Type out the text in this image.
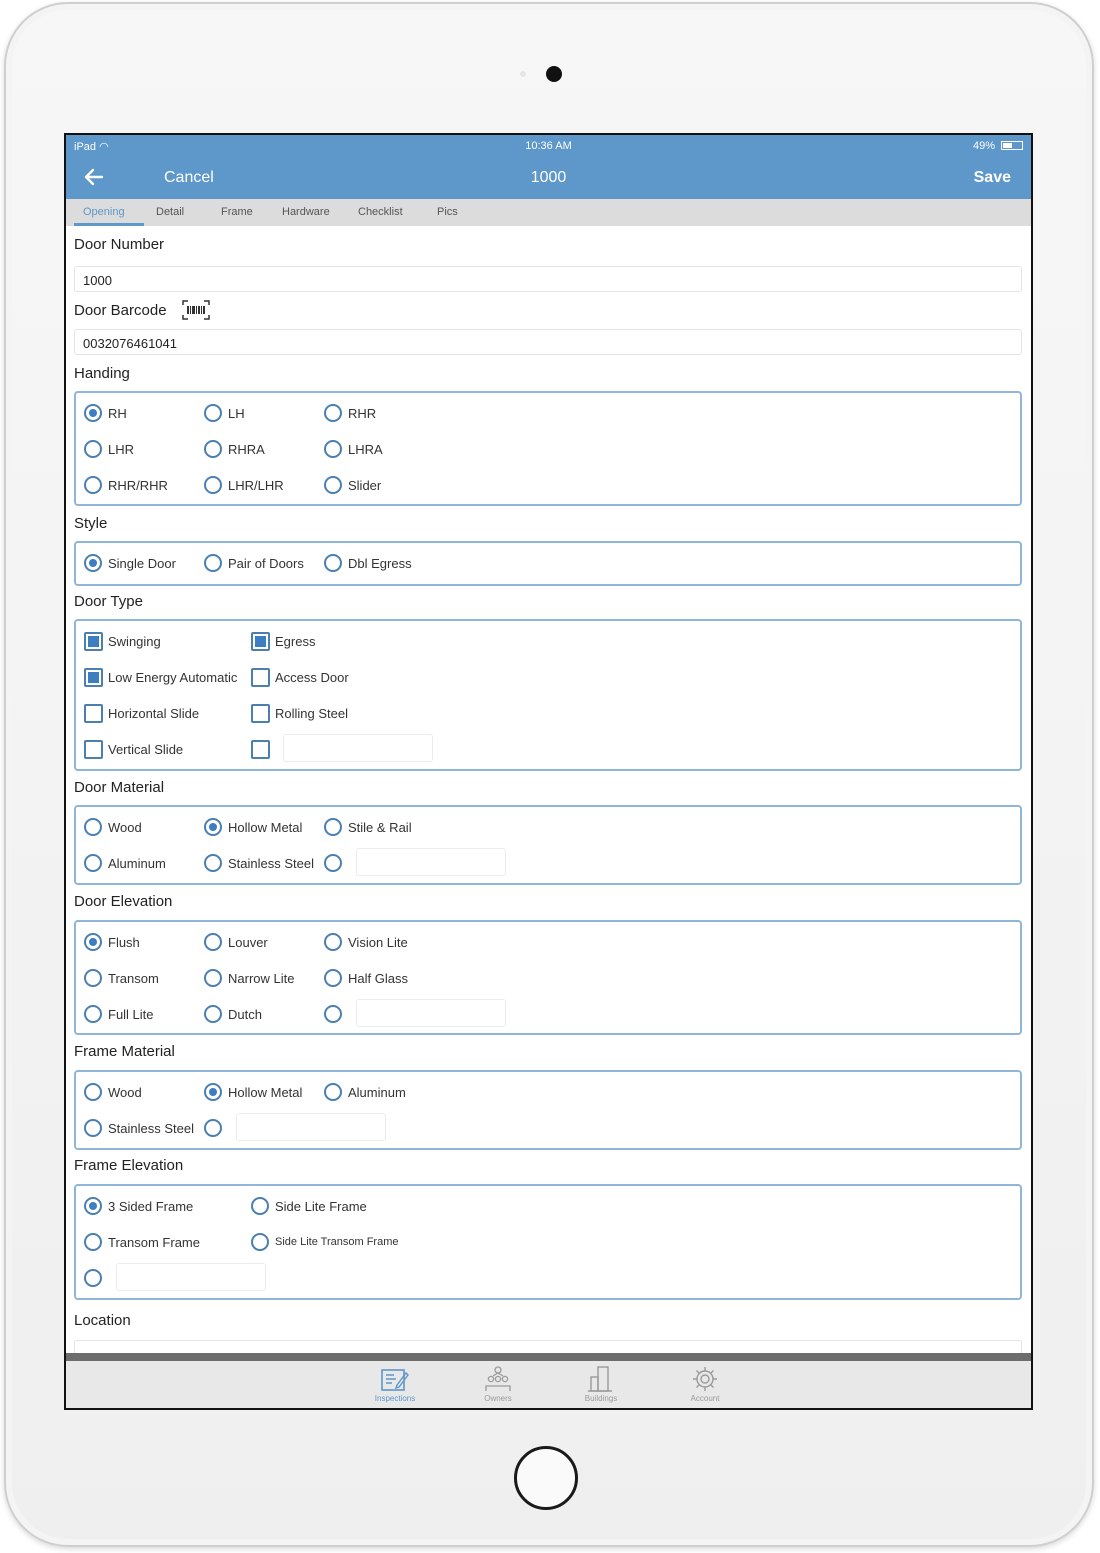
iPad ◠	10:36 AM	49%
Cancel	1000	Save
Opening	Detail	Frame	Hardware	Checklist	Pics
Door Number
1000
Door Barcode
0032076461041
Handing
RH	LH	RHR
LHR	RHRA	LHRA
RHR/RHR	LHR/LHR	Slider
Style
Single Door	Pair of Doors	Dbl Egress
Door Type
Swinging	Egress
Low Energy Automatic	Access Door
Horizontal Slide	Rolling Steel
Vertical Slide
Door Material
Wood	Hollow Metal	Stile & Rail
Aluminum	Stainless Steel
Door Elevation
Flush	Louver	Vision Lite
Transom	Narrow Lite	Half Glass
Full Lite	Dutch
Frame Material
Wood	Hollow Metal	Aluminum
Stainless Steel
Frame Elevation
3 Sided Frame	Side Lite Frame
Transom Frame	Side Lite Transom Frame
Location
Inspections	Owners	Buildings	Account
